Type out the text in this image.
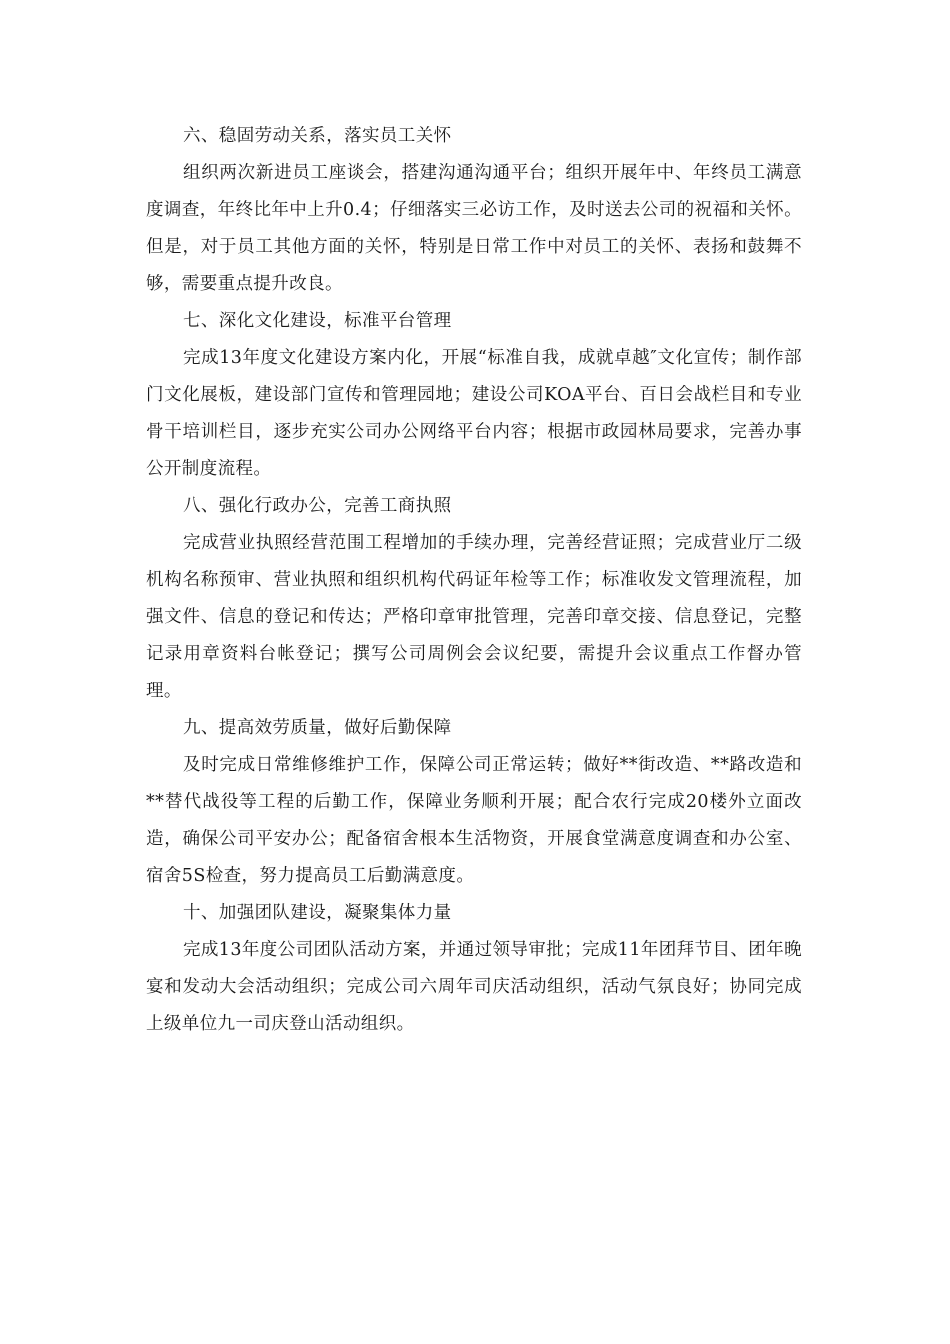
六、稳固劳动关系，落实员工关怀

组织两次新进员工座谈会，搭建沟通沟通平台；组织开展年中、年终员工满意度调查，年终比年中上升0.4；仔细落实三必访工作，及时送去公司的祝福和关怀。但是，对于员工其他方面的关怀，特别是日常工作中对员工的关怀、表扬和鼓舞不够，需要重点提升改良。

七、深化文化建设，标准平台管理

完成13年度文化建设方案内化，开展“标准自我，成就卓越″文化宣传；制作部门文化展板，建设部门宣传和管理园地；建设公司KOA平台、百日会战栏目和专业骨干培训栏目，逐步充实公司办公网络平台内容；根据市政园林局要求，完善办事公开制度流程。

八、强化行政办公，完善工商执照

完成营业执照经营范围工程增加的手续办理，完善经营证照；完成营业厅二级机构名称预审、营业执照和组织机构代码证年检等工作；标准收发文管理流程，加强文件、信息的登记和传达；严格印章审批管理，完善印章交接、信息登记，完整记录用章资料台帐登记；撰写公司周例会会议纪要，需提升会议重点工作督办管理。

九、提高效劳质量，做好后勤保障

及时完成日常维修维护工作，保障公司正常运转；做好**街改造、**路改造和**替代战役等工程的后勤工作，保障业务顺利开展；配合农行完成20楼外立面改造，确保公司平安办公；配备宿舍根本生活物资，开展食堂满意度调查和办公室、宿舍5S检查，努力提高员工后勤满意度。

十、加强团队建设，凝聚集体力量

完成13年度公司团队活动方案，并通过领导审批；完成11年团拜节目、团年晚宴和发动大会活动组织；完成公司六周年司庆活动组织，活动气氛良好；协同完成上级单位九一司庆登山活动组织。
